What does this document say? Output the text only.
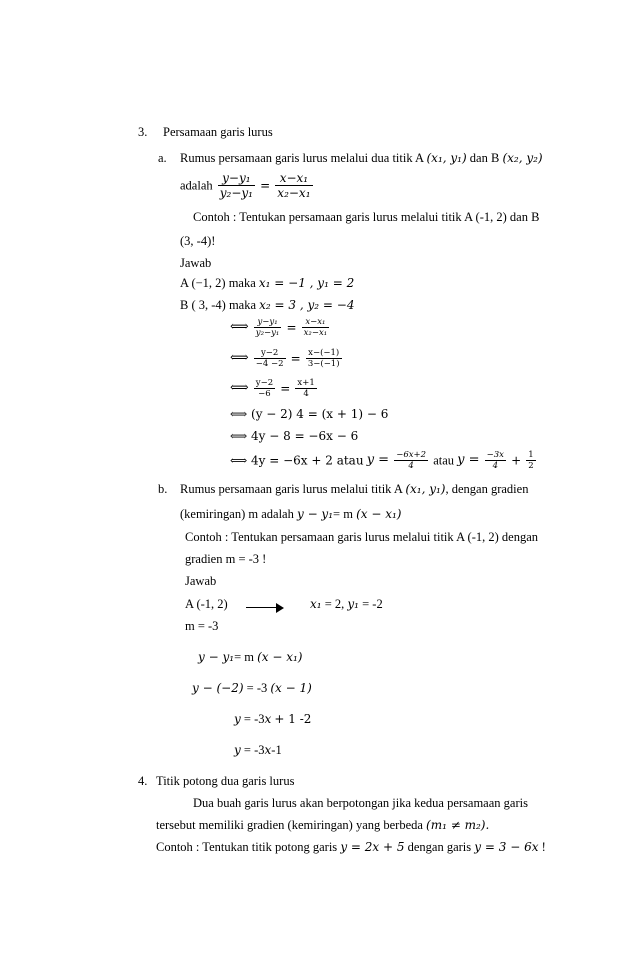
3. Persamaan garis lurus
a. Rumus persamaan garis lurus melalui dua titik A (x₁, y₁) dan B (x₂, y₂)
adalah $\frac{\text{y−y₁}}{\text{y₂−y₁}} = \frac{\text{x−x₁}}{\text{x₂−x₁}}$
Contoh : Tentukan persamaan garis lurus melalui titik A (-1, 2) dan B
(3, -4)!
Jawab
A (−1, 2) maka x₁ = −1 , y₁ = 2
B ( 3, -4) maka x₂ = 3 , y₂ = −4
⟺ $\frac{\text{y−y₁}}{\text{y₂−y₁}} = \frac{\text{x−x₁}}{\text{x₂−x₁}}$
⟺ $\frac{y-2}{-4 -2} = \frac{x-(-1)}{3-(-1)}$
⟺ $\frac{y-2}{-6} = \frac{x+1}{4}$
⟺ (y − 2) 4 = (x + 1) − 6
⟺ 4y − 8 = −6x − 6
⟺ 4y = −6x + 2 atau $y = \frac{-6x+2}{4}$ atau $y = \frac{-3x}{4} + \frac{1}{2}$
b. Rumus persamaan garis lurus melalui titik A (x₁, y₁), dengan gradien
(kemiringan) m adalah y − y₁= m (x − x₁)
Contoh : Tentukan persamaan garis lurus melalui titik A (-1, 2) dengan
gradien m = -3 !
Jawab
A (-1, 2)	x₁ = 2, y₁ = -2
m = -3
y − y₁= m (x − x₁)
y − (−2) = -3 (x − 1)
y = -3x + 1 -2
y = -3x-1
4. Titik potong dua garis lurus
Dua buah garis lurus akan berpotongan jika kedua persamaan garis
tersebut memiliki gradien (kemiringan) yang berbeda (m₁ ≠ m₂).
Contoh : Tentukan titik potong garis y = 2x + 5 dengan garis y = 3 − 6x !
